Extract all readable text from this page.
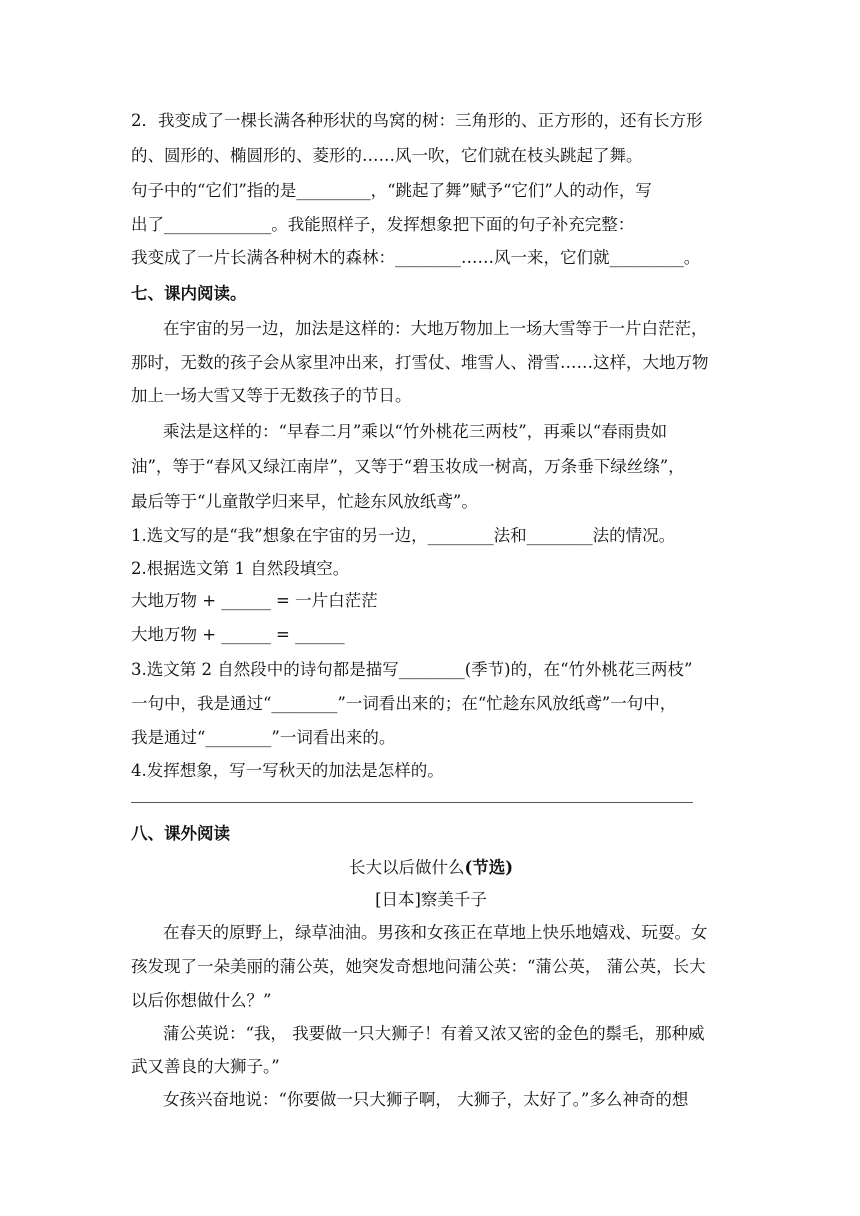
2．我变成了一棵长满各种形状的鸟窝的树：三角形的、正方形的，还有长方形
的、圆形的、椭圆形的、菱形的……风一吹，它们就在枝头跳起了舞。
句子中的“它们”指的是_________，“跳起了舞”赋予“它们”人的动作，写
出了_____________。我能照样子，发挥想象把下面的句子补充完整：
我变成了一片长满各种树木的森林：________……风一来，它们就_________。
七、课内阅读。
在宇宙的另一边，加法是这样的：大地万物加上一场大雪等于一片白茫茫，
那时，无数的孩子会从家里冲出来，打雪仗、堆雪人、滑雪……这样，大地万物
加上一场大雪又等于无数孩子的节日。
乘法是这样的：“早春二月”乘以“竹外桃花三两枝”，再乘以“春雨贵如
油”，等于“春风又绿江南岸”，又等于“碧玉妆成一树高，万条垂下绿丝绦”，
最后等于“儿童散学归来早，忙趁东风放纸鸢”。
1.选文写的是“我”想象在宇宙的另一边，________法和________法的情况。
2.根据选文第 1 自然段填空。
大地万物 + ______ = 一片白茫茫
大地万物 + ______ = ______
3.选文第 2 自然段中的诗句都是描写________(季节)的，在“竹外桃花三两枝”
一句中，我是通过“________”一词看出来的；在“忙趁东风放纸鸢”一句中，
我是通过“________”一词看出来的。
4.发挥想象，写一写秋天的加法是怎样的。
八、课外阅读
长大以后做什么(节选)
[日本]察美千子
在春天的原野上，绿草油油。男孩和女孩正在草地上快乐地嬉戏、玩耍。女
孩发现了一朵美丽的蒲公英，她突发奇想地问蒲公英：“蒲公英， 蒲公英，长大
以后你想做什么？”
蒲公英说：“我， 我要做一只大狮子！有着又浓又密的金色的鬃毛，那种威
武又善良的大狮子。”
女孩兴奋地说：“你要做一只大狮子啊， 大狮子，太好了。”多么神奇的想
